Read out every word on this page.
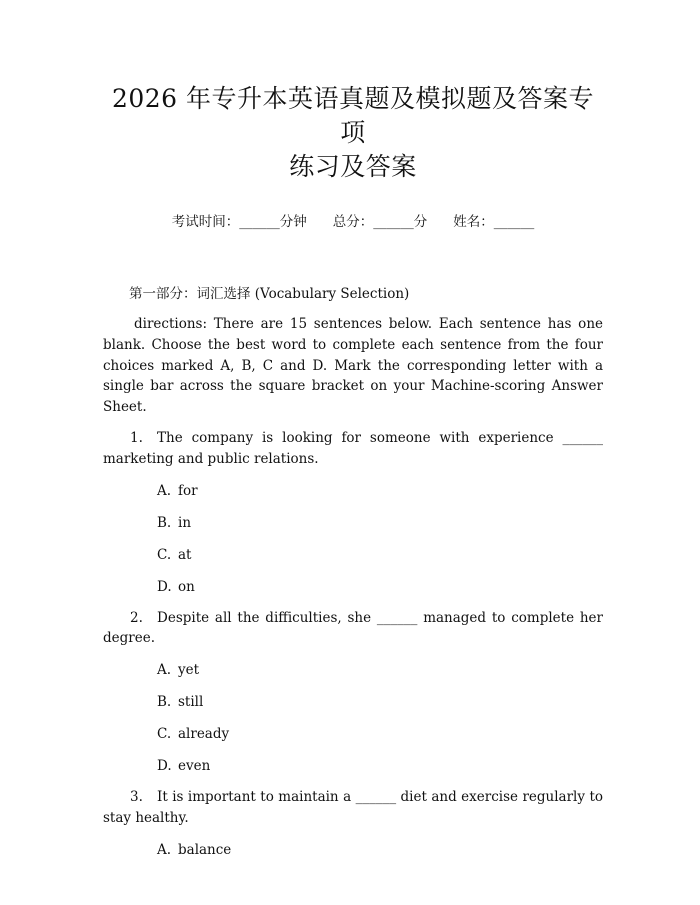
2026 年专升本英语真题及模拟题及答案专项
练习及答案
考试时间：______分钟 总分：______分 姓名：______
第一部分：词汇选择 (Vocabulary Selection)

directions: There are 15 sentences below. Each sentence has one blank. Choose the best word to complete each sentence from the four choices marked A, B, C and D. Mark the corresponding letter with a single bar across the square bracket on your Machine-scoring Answer Sheet.

1. The company is looking for someone with experience ______ marketing and public relations.

A. for
B. in
C. at
D. on

2. Despite all the difficulties, she ______ managed to complete her degree.

A. yet
B. still
C. already
D. even

3. It is important to maintain a ______ diet and exercise regularly to stay healthy.

A. balance
